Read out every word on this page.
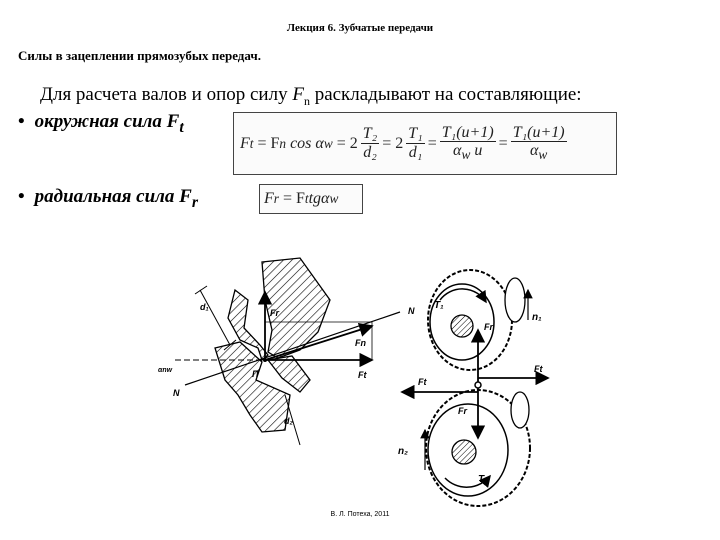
Лекция 6. Зубчатые передачи
Силы в зацеплении прямозубых передач.
Для расчета валов и опор силу $F_n$ раскладывают на составляющие:
• окружная сила $F_t$
• радиальная сила $F_r$
F t
= F n
cos α w
= $2 \frac{\text{T₂}}{\text{d₂}} = 2 \frac{\text{T₁}}{\text{d₁}} = \frac{\text{T₁(u+1)}}{\alpha_w u} = \frac{\text{T₁(u+1)}}{\alpha_w}$
F r
= F t tgα w
Fr
Fn
Ft
N
N
αnw
d₁
d₂
П
T₁
T₂
n₁
n₂
Ft
Ft
Fr
Fr
В. Л. Потеха, 2011
